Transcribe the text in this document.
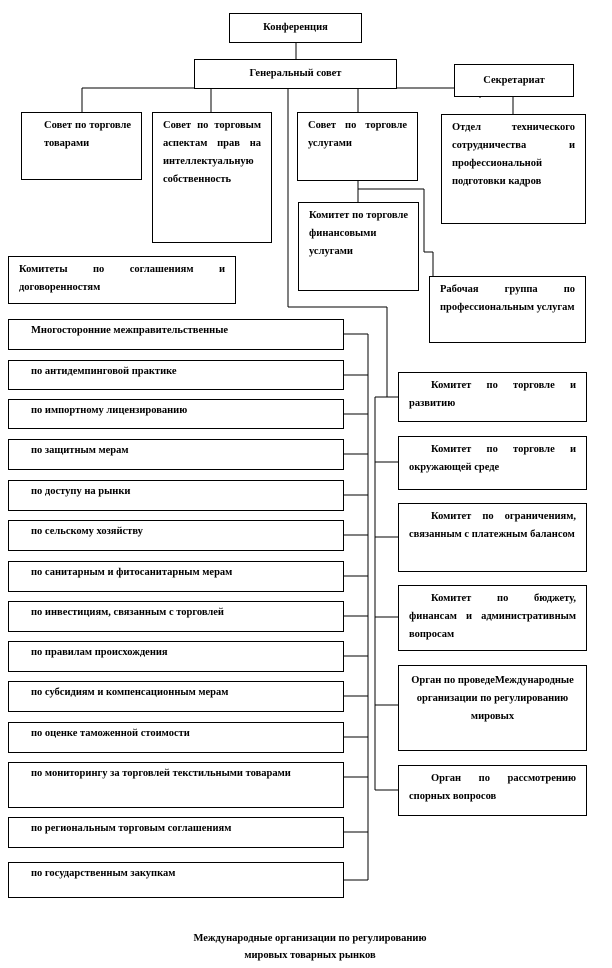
Конференция
Генеральный совет
Секретариат
Совет по торговле товарами
Совет по торговым аспектам прав на интеллектуальную собственность
Совет по торговле услугами
Отдел технического сотрудничества и профессиональной подготовки кадров
Комитет по торговле финансовыми услугами
Рабочая группа по профессиональным услугам
Комитеты по соглашениям и договоренностям
Многосторонние межправительственные
по антидемпинговой практике
по импортному лицензированию
по защитным мерам
по доступу на рынки
по сельскому хозяйству
по санитарным и фитосанитарным мерам
по инвестициям, связанным с торговлей
по правилам происхождения
по субсидиям и компенсационным мерам
по оценке таможенной стоимости
по мониторингу за торговлей текстильными товарами
по региональным торговым соглашениям
по государственным закупкам
Комитет по торговле и развитию
Комитет по торговле и окружающей среде
Комитет по ограничениям, связанным с платежным балансом
Комитет по бюджету, финансам и административным вопросам
Орган по проведеМеждународные организации по регулированию мировых
Орган по рассмотрению спорных вопросов
Международные организации по регулированию
мировых товарных рынков
